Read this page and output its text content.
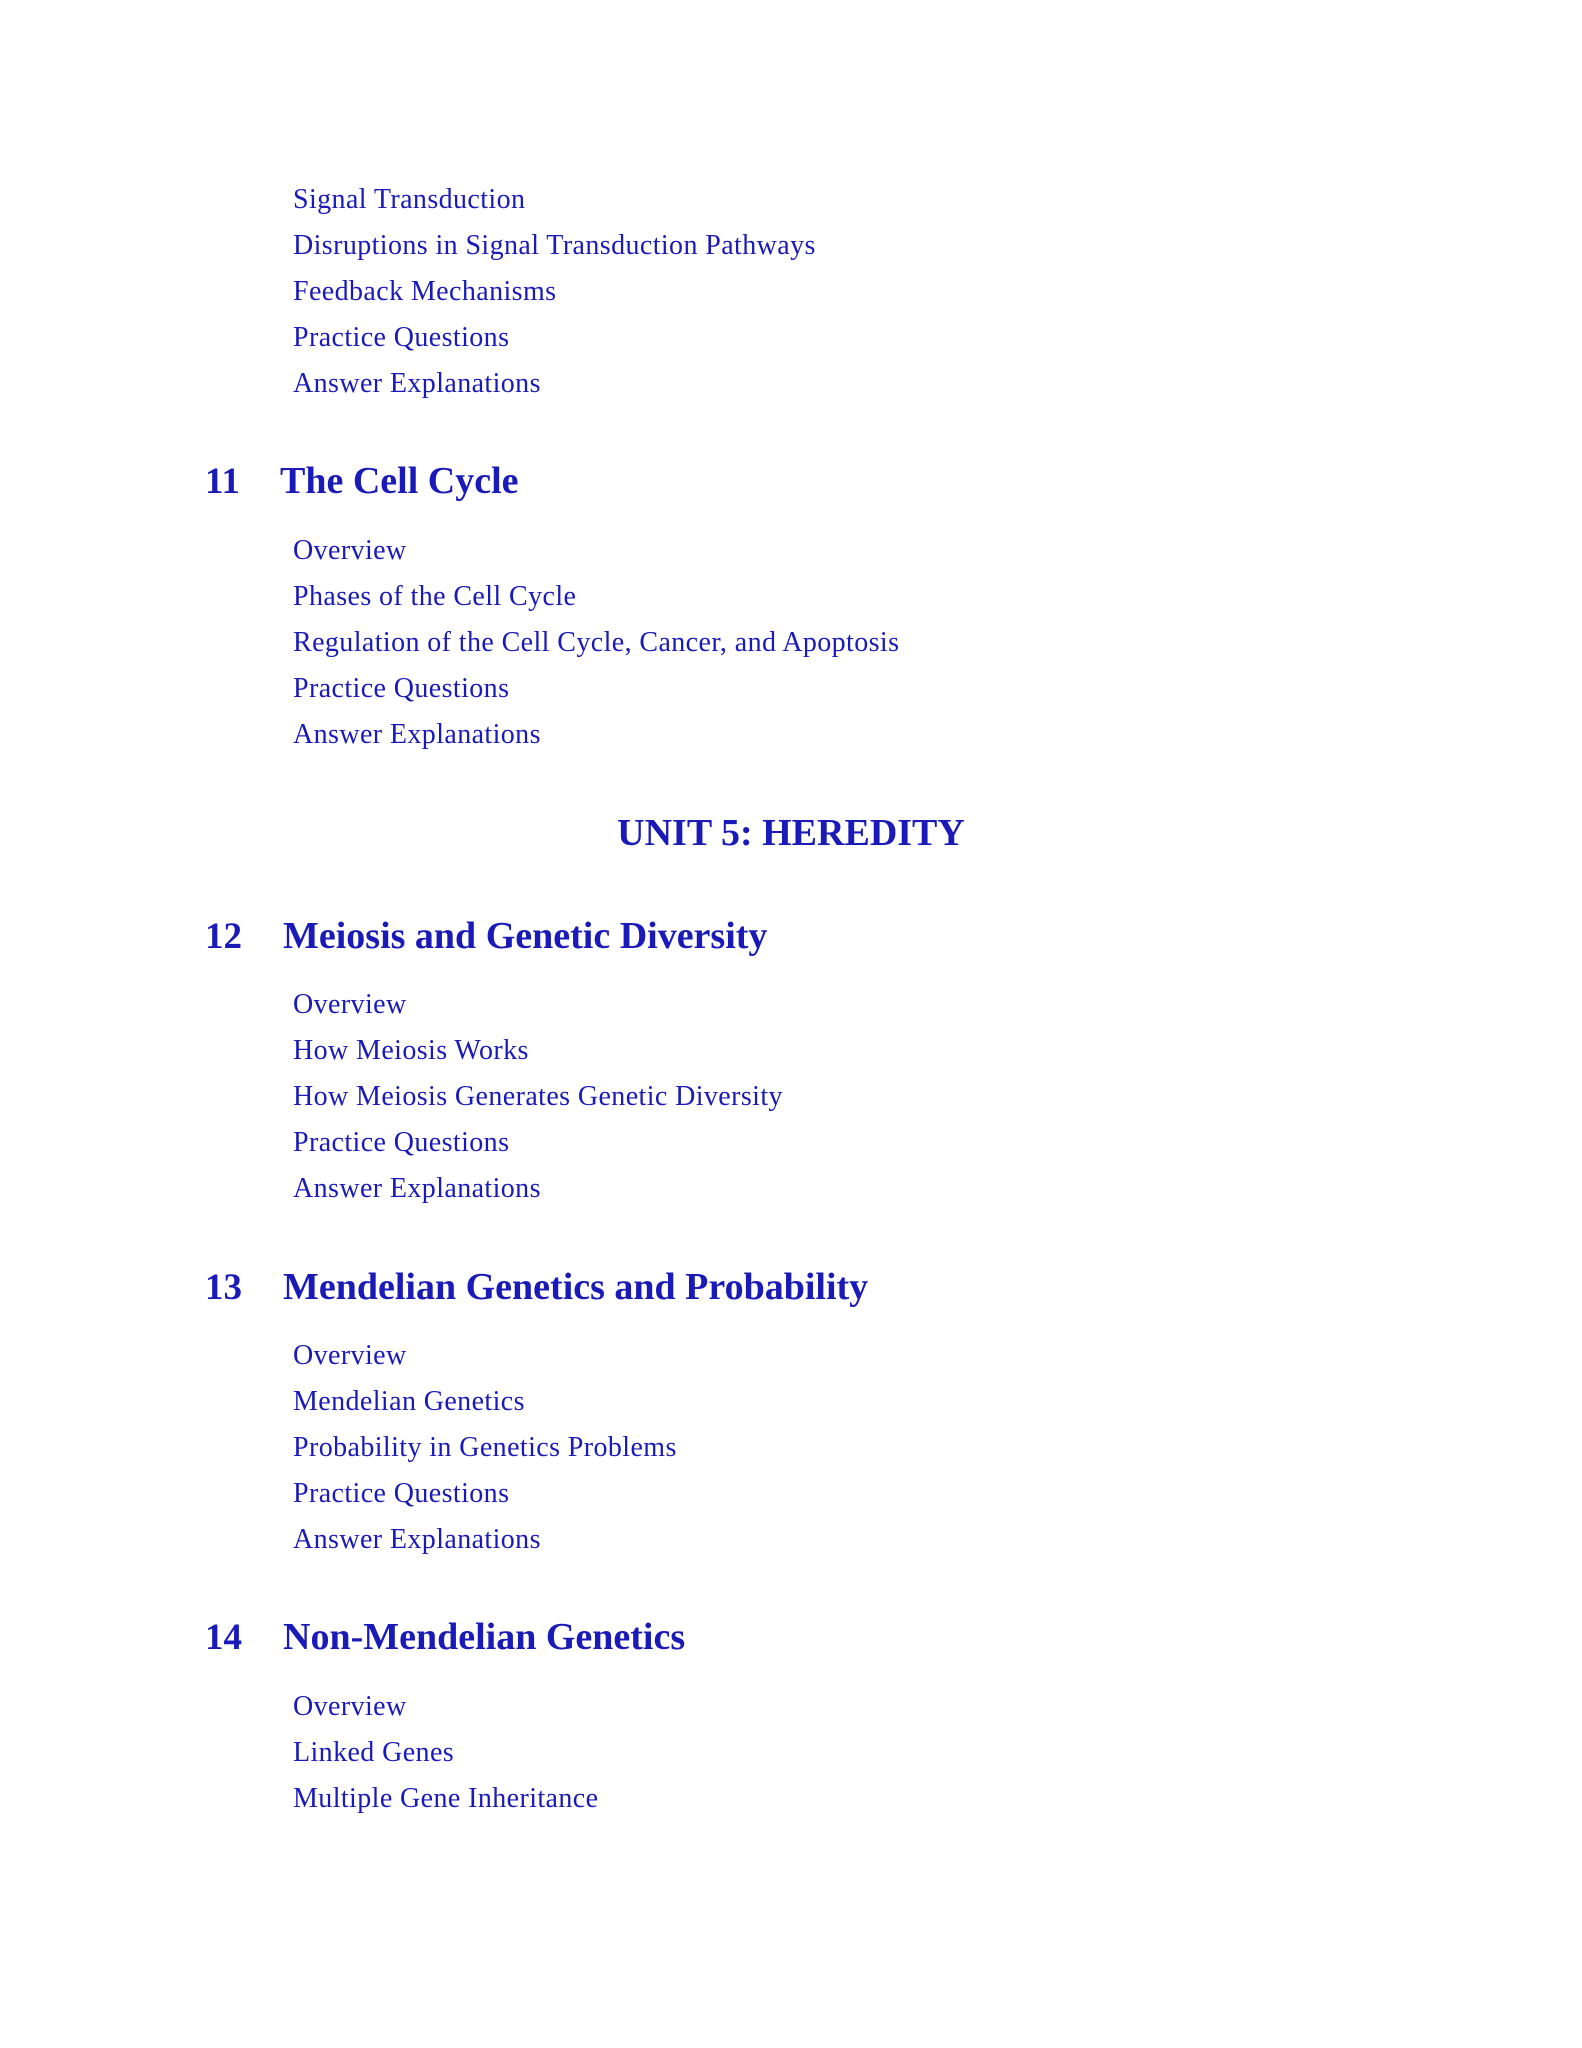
Signal Transduction
Disruptions in Signal Transduction Pathways
Feedback Mechanisms
Practice Questions
Answer Explanations
11	The Cell Cycle
Overview
Phases of the Cell Cycle
Regulation of the Cell Cycle, Cancer, and Apoptosis
Practice Questions
Answer Explanations
UNIT 5: HEREDITY
12	Meiosis and Genetic Diversity
Overview
How Meiosis Works
How Meiosis Generates Genetic Diversity
Practice Questions
Answer Explanations
13	Mendelian Genetics and Probability
Overview
Mendelian Genetics
Probability in Genetics Problems
Practice Questions
Answer Explanations
14	Non-Mendelian Genetics
Overview
Linked Genes
Multiple Gene Inheritance
